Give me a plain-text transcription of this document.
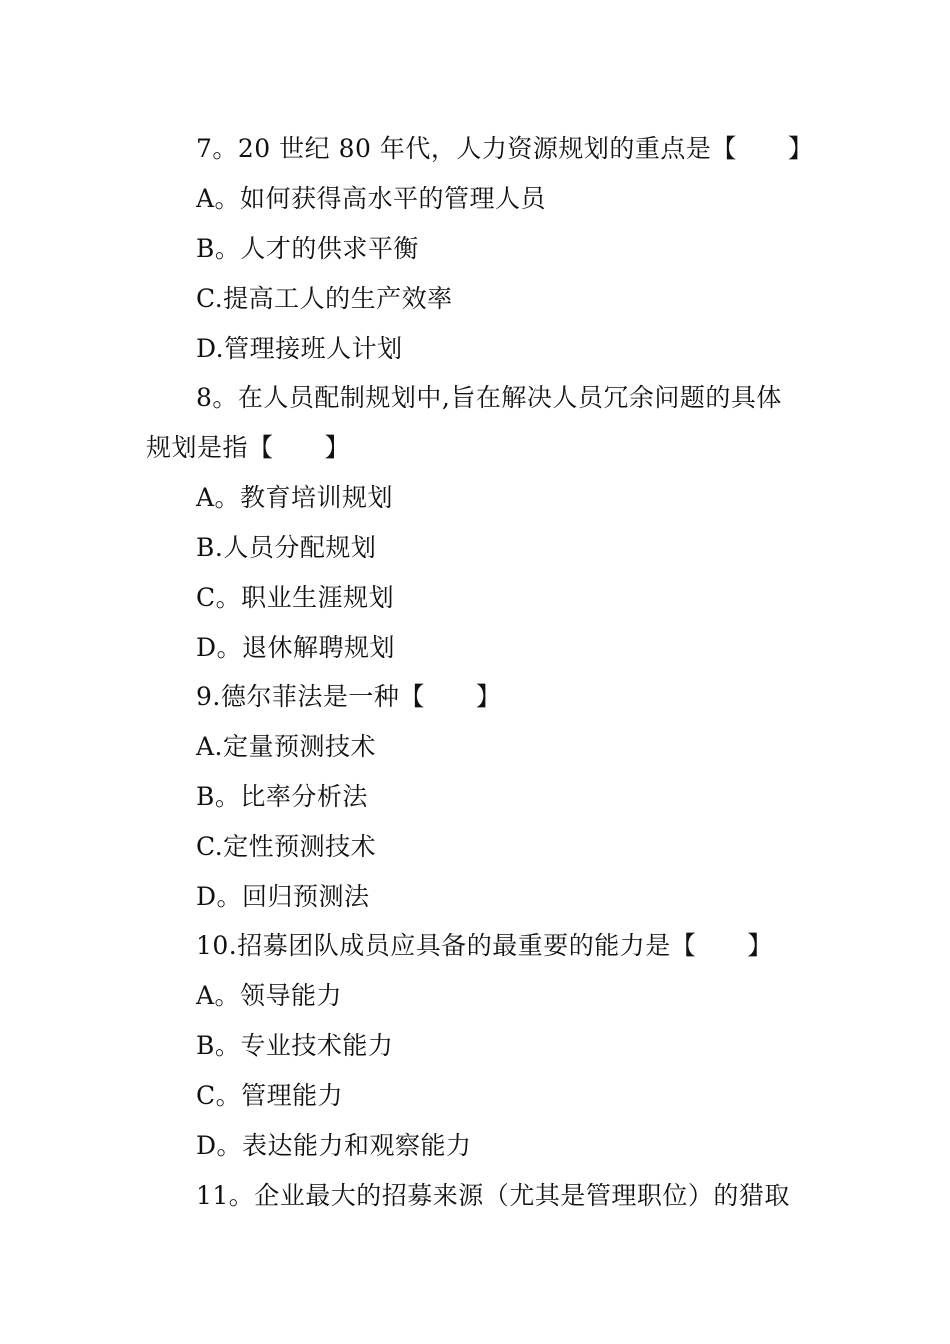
7。20 世纪 80 年代，人力资源规划的重点是【　　】
A。如何获得高水平的管理人员
B。人才的供求平衡
C.提高工人的生产效率
D.管理接班人计划
8。在人员配制规划中,旨在解决人员冗余问题的具体
规划是指【　　】
A。教育培训规划
B.人员分配规划
C。职业生涯规划
D。退休解聘规划
9.德尔菲法是一种【　　】
A.定量预测技术
B。比率分析法
C.定性预测技术
D。回归预测法
10.招募团队成员应具备的最重要的能力是【　　】
A。领导能力
B。专业技术能力
C。管理能力
D。表达能力和观察能力
11。企业最大的招募来源（尤其是管理职位）的猎取
